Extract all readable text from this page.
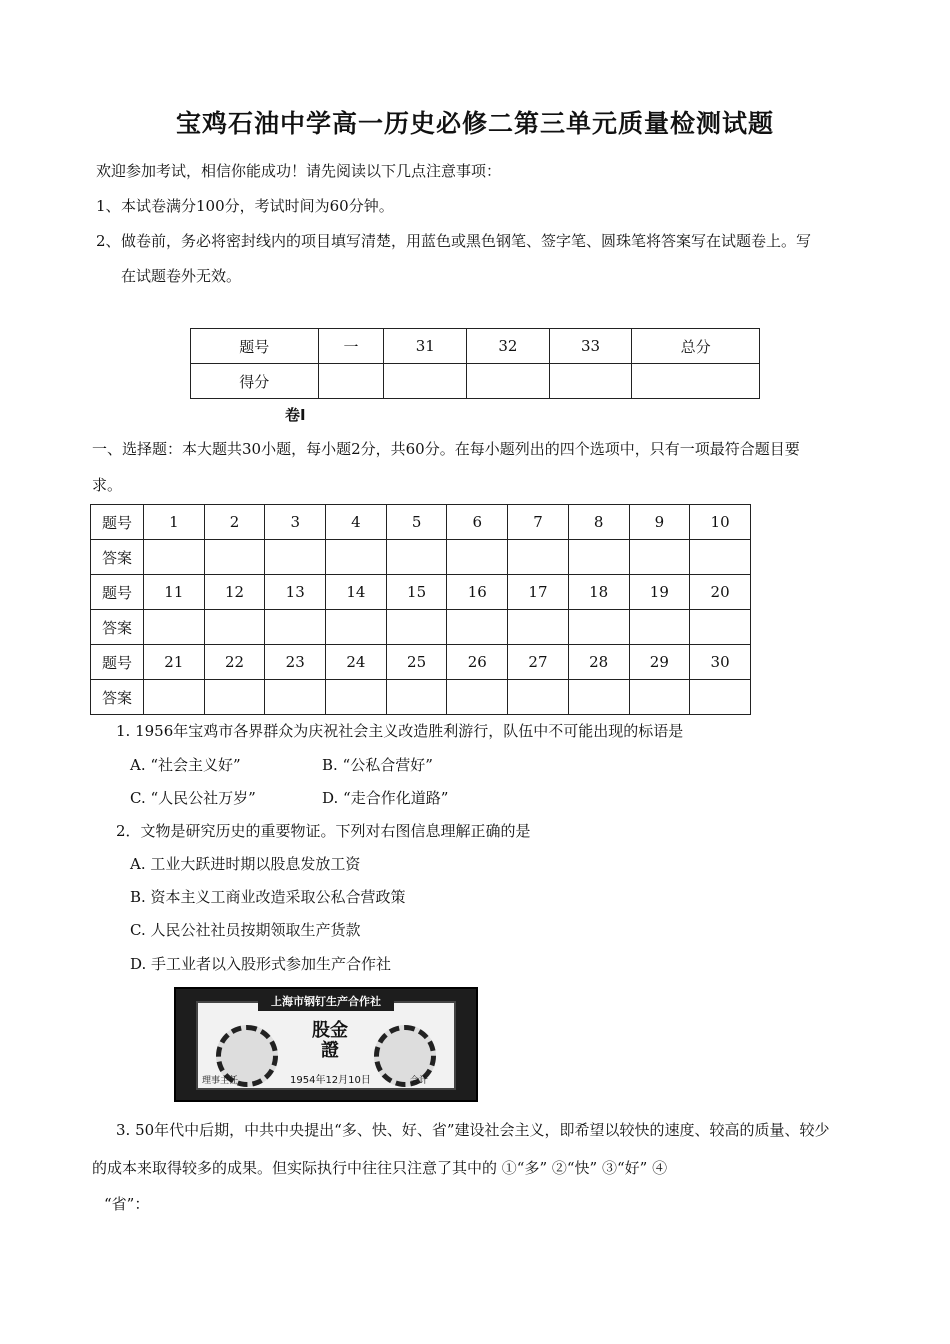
宝鸡石油中学高一历史必修二第三单元质量检测试题
欢迎参加考试，相信你能成功！请先阅读以下几点注意事项：
1、 本试卷满分100分，考试时间为60分钟。
2、 做卷前，务必将密封线内的项目填写清楚，用蓝色或黑色钢笔、签字笔、圆珠笔将答案写在试题卷上。写
在试题卷外无效。
题号	一	31	32	33	总分
得分					
卷Ⅰ
一、选择题：本大题共30小题，每小题2分，共60分。在每小题列出的四个选项中，只有一项最符合题目要
求。
题号	1	2	3	4	5	6	7	8	9	10
答案										
题号	11	12	13	14	15	16	17	18	19	20
答案										
题号	21	22	23	24	25	26	27	28	29	30
答案										
1. 1956年宝鸡市各界群众为庆祝社会主义改造胜利游行，队伍中不可能出现的标语是
A. “社会主义好”	B. “公私合营好”
C. “人民公社万岁”	D. “走合作化道路”
2．文物是研究历史的重要物证。下列对右图信息理解正确的是
A. 工业大跃进时期以股息发放工资
B. 资本主义工商业改造采取公私合营政策
C. 人民公社社员按期领取生产货款
D. 手工业者以入股形式参加生产合作社
上海市钢钉生产合作社
股金證
理事主任	1954年12月10日	会计
3. 50年代中后期，中共中央提出“多、快、好、省”建设社会主义，即希望以较快的速度、较高的质量、较少
的成本来取得较多的成果。但实际执行中往往只注意了其中的 ①“多” ②“快” ③“好” ④
“省”：
